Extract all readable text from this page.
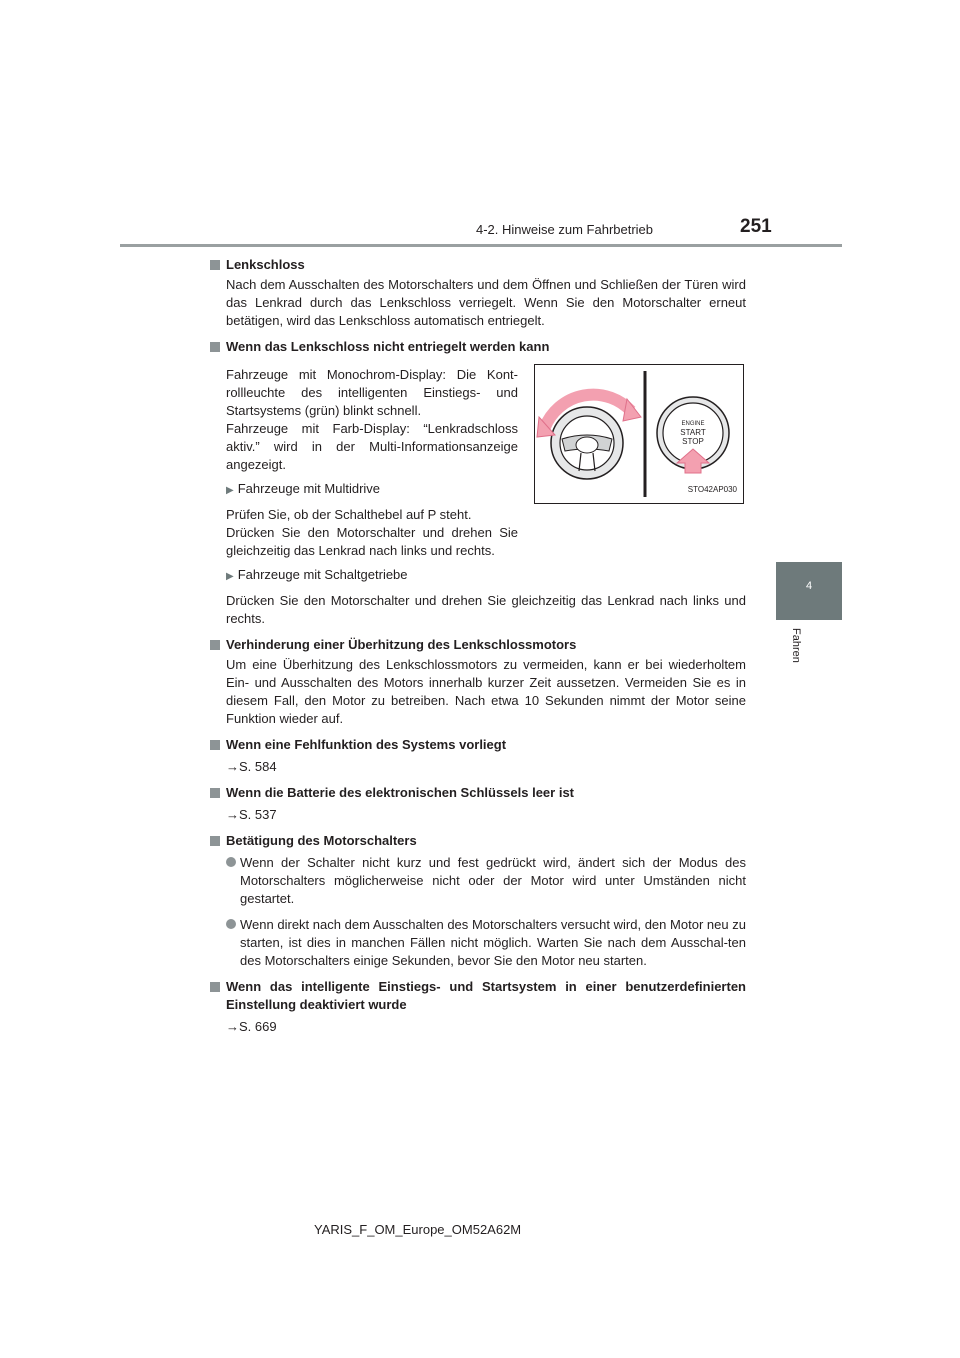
4-2. Hinweise zum Fahrbetrieb	251
4
Fahren

Lenkschloss

Nach dem Ausschalten des Motorschalters und dem Öffnen und Schließen der Türen wird das Lenkrad durch das Lenkschloss verriegelt. Wenn Sie den Motorschalter erneut betätigen, wird das Lenkschloss automatisch entriegelt.

Wenn das Lenkschloss nicht entriegelt werden kann

Fahrzeuge mit Monochrom-Display: Die Kont-rollleuchte des intelligenten Einstiegs- und Startsystems (grün) blinkt schnell.
Fahrzeuge mit Farb-Display: “Lenkradschloss aktiv.” wird in der Multi-Informationsanzeige angezeigt.
▶ Fahrzeuge mit Multidrive
Prüfen Sie, ob der Schalthebel auf P steht.
Drücken Sie den Motorschalter und drehen Sie gleichzeitig das Lenkrad nach links und rechts.
ENGINE
START
STOP
STO42AP030
▶ Fahrzeuge mit Schaltgetriebe

Drücken Sie den Motorschalter und drehen Sie gleichzeitig das Lenkrad nach links und rechts.

Verhinderung einer Überhitzung des Lenkschlossmotors

Um eine Überhitzung des Lenkschlossmotors zu vermeiden, kann er bei wiederholtem Ein- und Ausschalten des Motors innerhalb kurzer Zeit aussetzen. Vermeiden Sie es in diesem Fall, den Motor zu betreiben. Nach etwa 10 Sekunden nimmt der Motor seine Funktion wieder auf.

Wenn eine Fehlfunktion des Systems vorliegt

→S. 584

Wenn die Batterie des elektronischen Schlüssels leer ist

→S. 537

Betätigung des Motorschalters

Wenn der Schalter nicht kurz und fest gedrückt wird, ändert sich der Modus des Motorschalters möglicherweise nicht oder der Motor wird unter Umständen nicht gestartet.
Wenn direkt nach dem Ausschalten des Motorschalters versucht wird, den Motor neu zu starten, ist dies in manchen Fällen nicht möglich. Warten Sie nach dem Ausschal-ten des Motorschalters einige Sekunden, bevor Sie den Motor neu starten.

Wenn das intelligente Einstiegs- und Startsystem in einer benutzerdefinierten Einstellung deaktiviert wurde

→S. 669

YARIS_F_OM_Europe_OM52A62M
